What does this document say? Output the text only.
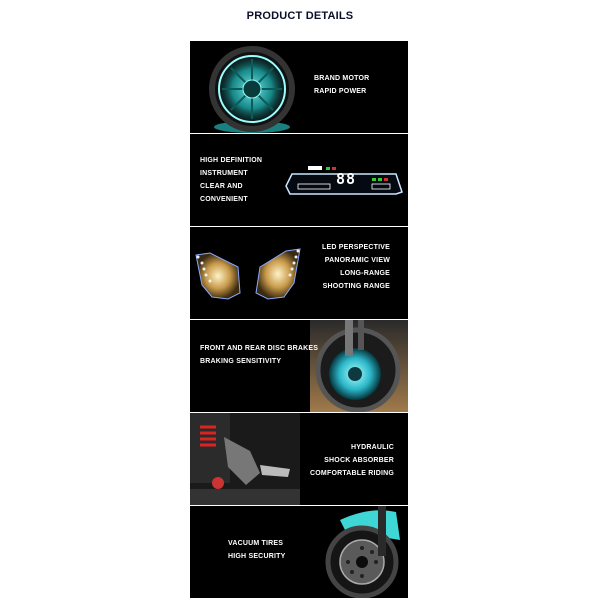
PRODUCT DETAILS
BRAND MOTOR
RAPID POWER
HIGH DEFINITION
INSTRUMENT
CLEAR AND
CONVENIENT
88
LED PERSPECTIVE
PANORAMIC VIEW
LONG-RANGE
SHOOTING RANGE
FRONT AND REAR DISC BRAKES
BRAKING SENSITIVITY
HYDRAULIC
SHOCK ABSORBER
COMFORTABLE RIDING
VACUUM TIRES
HIGH SECURITY
